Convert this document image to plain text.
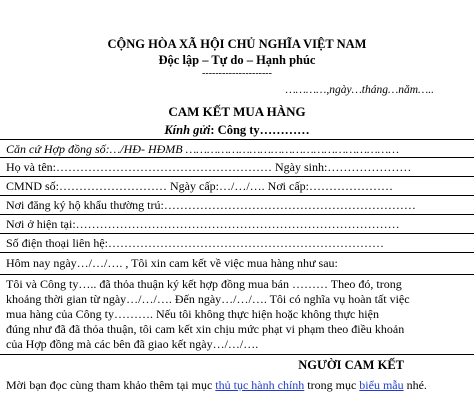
CỘNG HÒA XÃ HỘI CHỦ NGHĨA VIỆT NAM
Độc lập – Tự do – Hạnh phúc
---------------------
…………,ngày…tháng…năm…..
CAM KẾT MUA HÀNG
Kính gửi: Công ty…………
Căn cứ Hợp đồng số:…/HĐ- HĐMB ……………………………………………………
Họ và tên:……………………………………………… Ngày sinh:…………………
CMND số:……………………… Ngày cấp:…/…/…. Nơi cấp:…………………
Nơi đăng ký hộ khẩu thường trú:………………………………………………………
Nơi ở hiện tại:………………………………………………………………………
Số điện thoại liên hệ:……………………………………………………………
Hôm nay ngày…/…/…. , Tôi xin cam kết về việc mua hàng như sau:
Tôi và Công ty….. đã thỏa thuận ký kết hợp đồng mua bán ……… Theo đó, trong
khoảng thời gian từ ngày…/…/…. Đến ngày…/…/…. Tôi có nghĩa vụ hoàn tất việc
mua hàng của Công ty………. Nếu tôi không thực hiện hoặc không thực hiện
đúng như đã đã thỏa thuận, tôi cam kết xin chịu mức phạt vi phạm theo điều khoản
của Hợp đồng mà các bên đã giao kết ngày…/…/….
NGƯỜI CAM KẾT
Mời bạn đọc cùng tham khảo thêm tại mục thủ tục hành chính trong mục biểu mẫu nhé.
